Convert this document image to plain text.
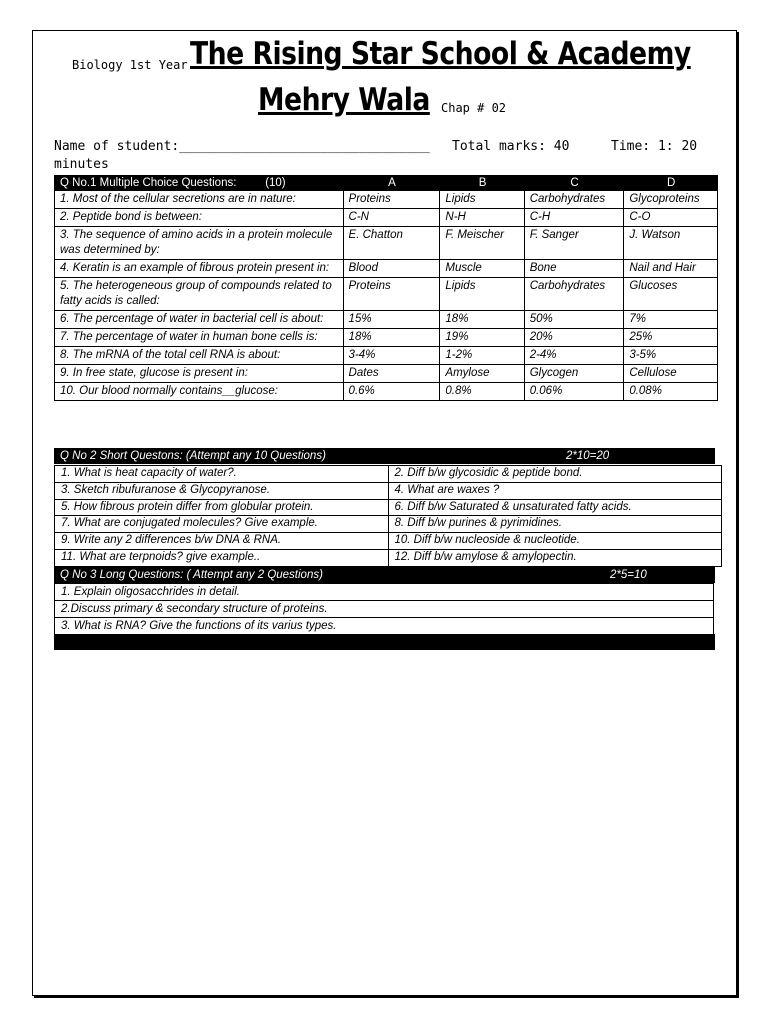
Biology 1st Year The Rising Star School & Academy
Mehry Wala Chap # 02
Name of student:________________________________ Total marks: 40	Time: 1: 20
minutes
Q No.1 Multiple Choice Questions: (10)	A	B	C	D
1. Most of the cellular secretions are in nature:	Proteins	Lipids	Carbohydrates	Glycoproteins
2. Peptide bond is between:	C-N	N-H	C-H	C-O
3. The sequence of amino acids in a protein molecule was determined by:	E. Chatton	F. Meischer	F. Sanger	J. Watson
4. Keratin is an example of fibrous protein present in:	Blood	Muscle	Bone	Nail and Hair
5. The heterogeneous group of compounds related to fatty acids is called:	Proteins	Lipids	Carbohydrates	Glucoses
6. The percentage of water in bacterial cell is about:	15%	18%	50%	7%
7. The percentage of water in human bone cells is:	18%	19%	20%	25%
8. The mRNA of the total cell RNA is about:	3-4%	1-2%	2-4%	3-5%
9. In free state, glucose is present in:	Dates	Amylose	Glycogen	Cellulose
10. Our blood normally contains__glucose:	0.6%	0.8%	0.06%	0.08%
Q No 2 Short Questons: (Attempt any 10 Questions)	2*10=20
1. What is heat capacity of water?.	2. Diff b/w glycosidic & peptide bond.
3. Sketch ribufuranose & Glycopyranose.	4. What are waxes ?
5. How fibrous protein differ from globular protein.	6. Diff b/w Saturated & unsaturated fatty acids.
7. What are conjugated molecules? Give example.	8. Diff b/w purines & pyrimidines.
9. Write any 2 differences b/w DNA & RNA.	10. Diff b/w nucleoside & nucleotide.
11. What are terpnoids? give example..	12. Diff b/w amylose & amylopectin.
Q No 3 Long Questions: ( Attempt any 2 Questions)	2*5=10
1. Explain oligosacchrides in detail.
2.Discuss primary & secondary structure of proteins.
3. What is RNA? Give the functions of its varius types.
